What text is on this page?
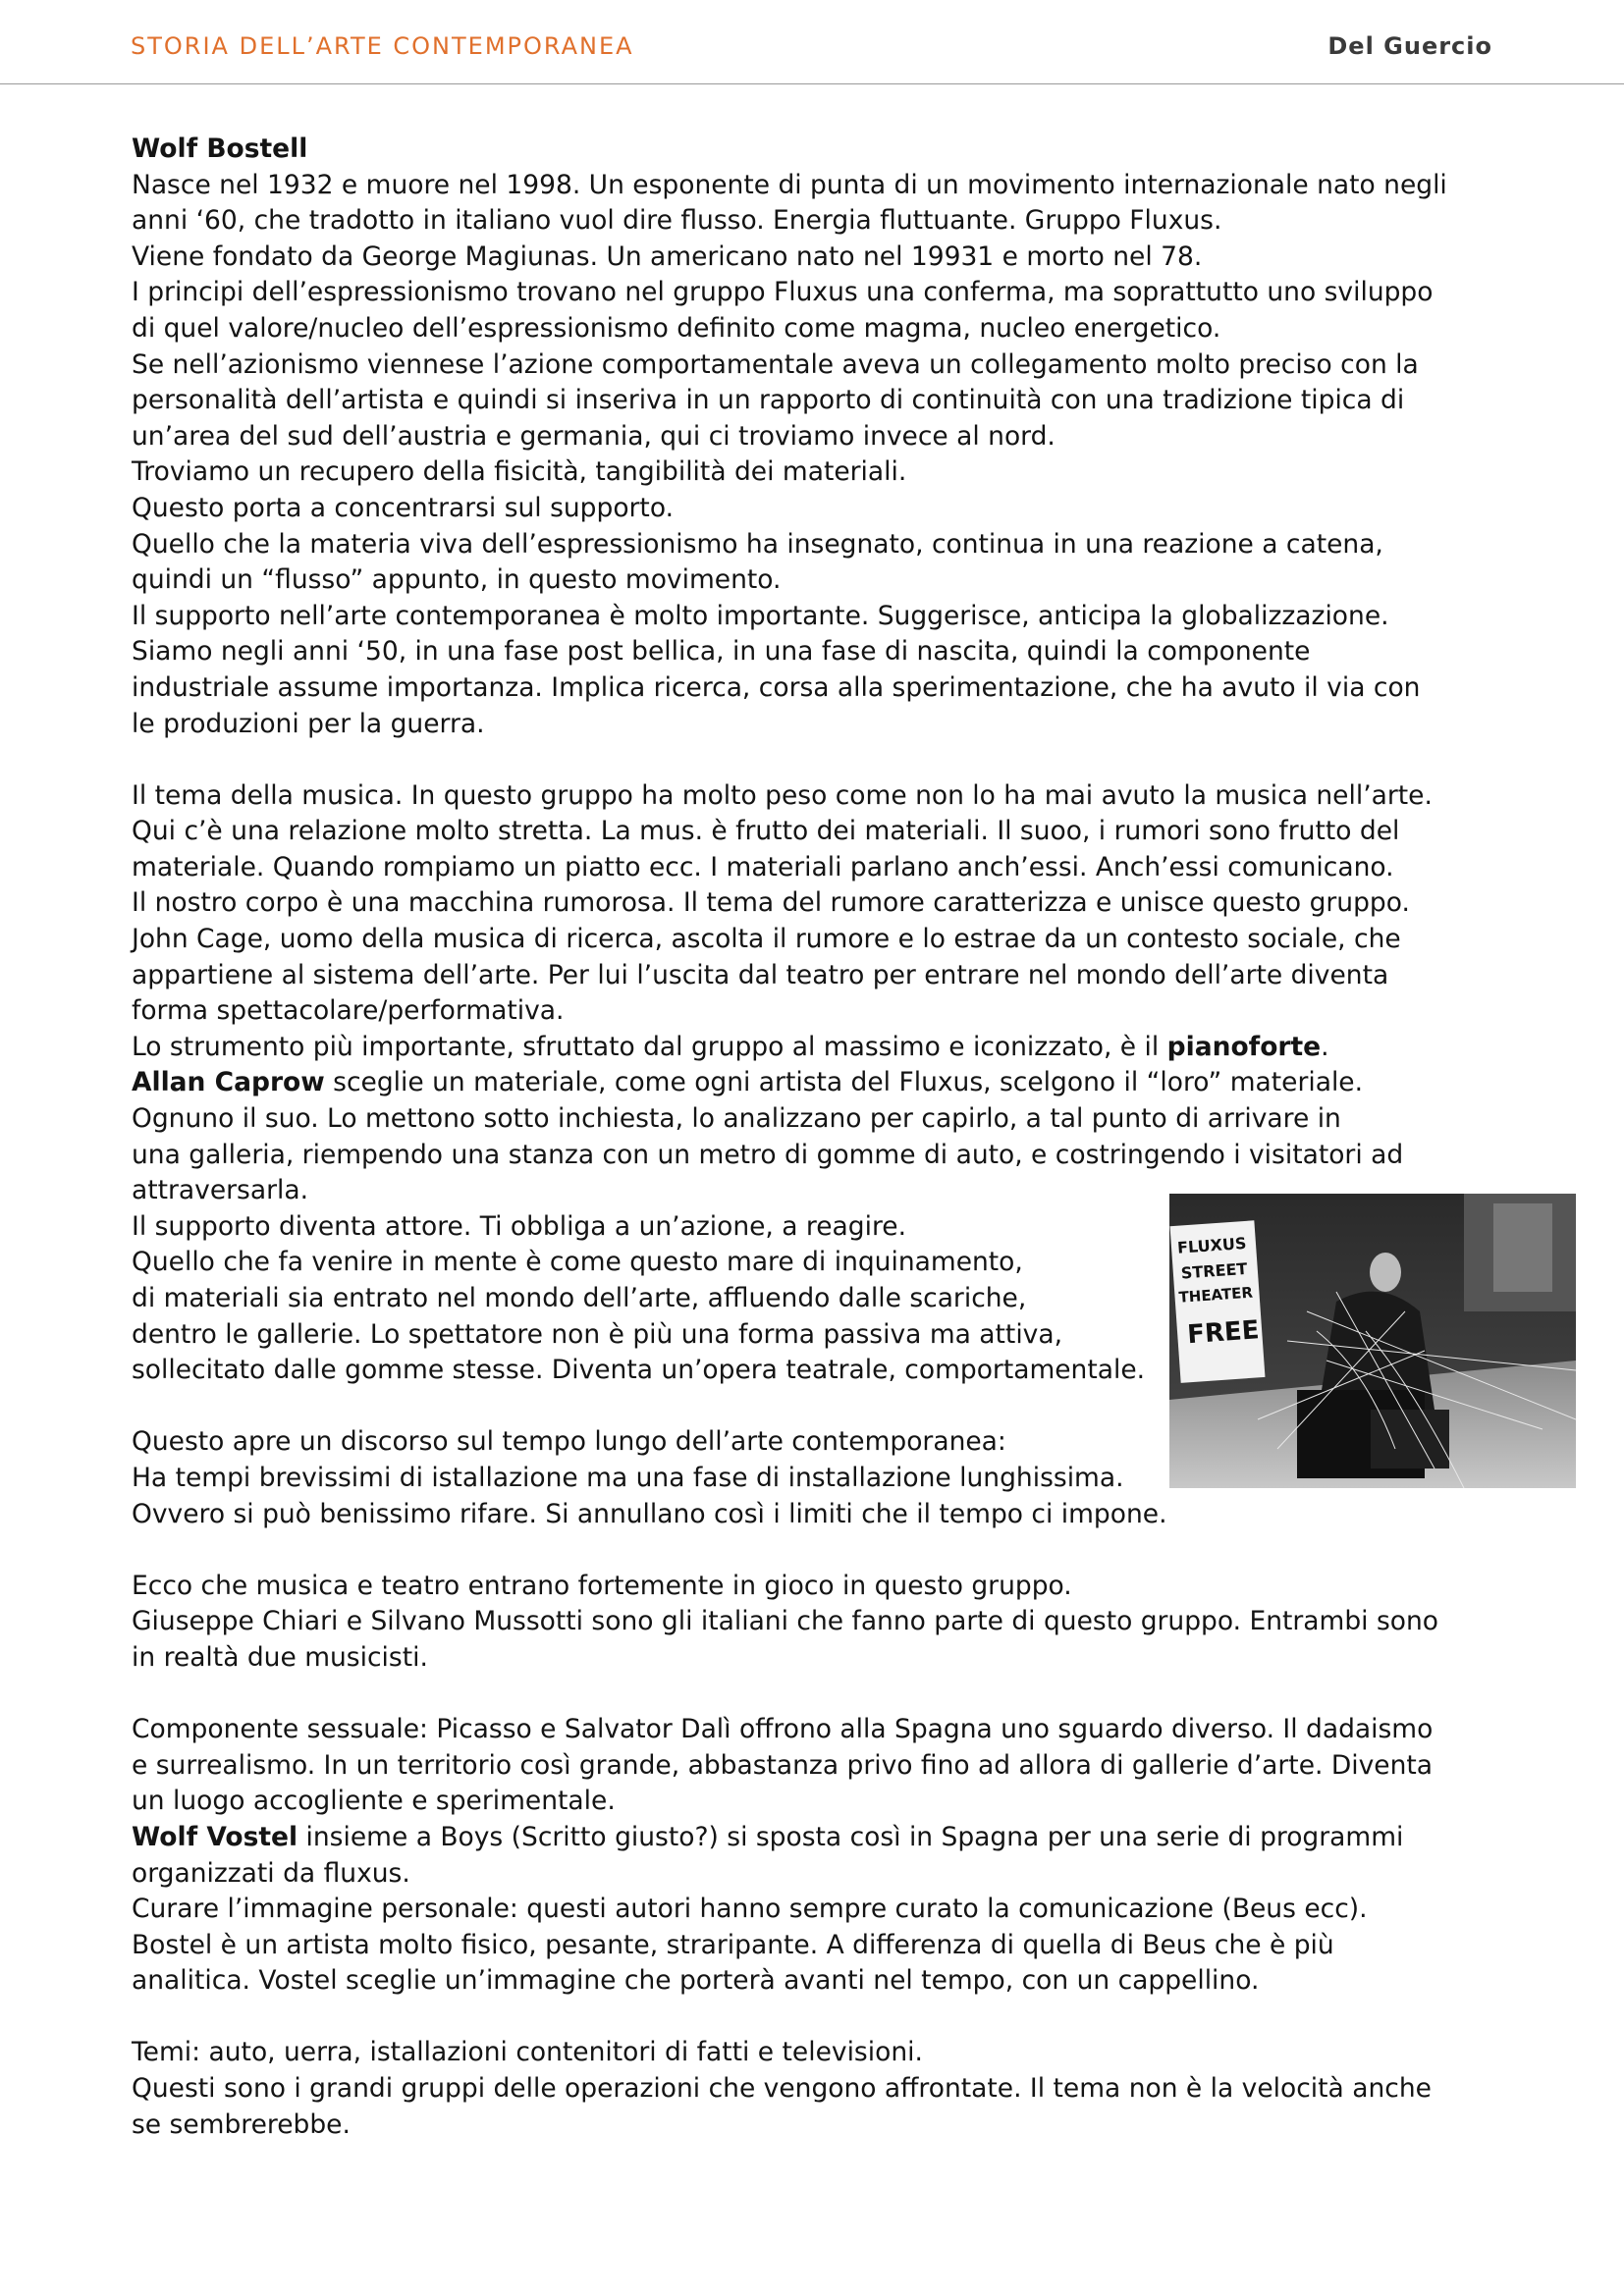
STORIA DELL’ARTE CONTEMPORANEA	Del Guercio

Wolf Bostell

Nasce nel 1932 e muore nel 1998. Un esponente di punta di un movimento internazionale nato negli

anni ‘60, che tradotto in italiano vuol dire flusso. Energia fluttuante. Gruppo Fluxus.

Viene fondato da George Magiunas. Un americano nato nel 19931 e morto nel 78.

I principi dell’espressionismo trovano nel gruppo Fluxus una conferma, ma soprattutto uno sviluppo

di quel valore/nucleo dell’espressionismo definito come magma, nucleo energetico.

Se nell’azionismo viennese l’azione comportamentale aveva un collegamento molto preciso con la

personalità dell’artista e quindi si inseriva in un rapporto di continuità con una tradizione tipica di

un’area del sud dell’austria e germania, qui ci troviamo invece al nord.

Troviamo un recupero della fisicità, tangibilità dei materiali.

Questo porta a concentrarsi sul supporto.

Quello che la materia viva dell’espressionismo ha insegnato, continua in una reazione a catena,

quindi un “flusso” appunto, in questo movimento.

Il supporto nell’arte contemporanea è molto importante. Suggerisce, anticipa la globalizzazione.

Siamo negli anni ‘50, in una fase post bellica, in una fase di nascita, quindi la componente

industriale assume importanza. Implica ricerca, corsa alla sperimentazione, che ha avuto il via con

le produzioni per la guerra.

Il tema della musica. In questo gruppo ha molto peso come non lo ha mai avuto la musica nell’arte.

Qui c’è una relazione molto stretta. La mus. è frutto dei materiali. Il suoo, i rumori sono frutto del

materiale. Quando rompiamo un piatto ecc. I materiali parlano anch’essi. Anch’essi comunicano.

Il nostro corpo è una macchina rumorosa. Il tema del rumore caratterizza e unisce questo gruppo.

John Cage, uomo della musica di ricerca, ascolta il rumore e lo estrae da un contesto sociale, che

appartiene al sistema dell’arte. Per lui l’uscita dal teatro per entrare nel mondo dell’arte diventa

forma spettacolare/performativa.

Lo strumento più importante, sfruttato dal gruppo al massimo e iconizzato, è il pianoforte.

Allan Caprow sceglie un materiale, come ogni artista del Fluxus, scelgono il “loro” materiale.

Ognuno il suo. Lo mettono sotto inchiesta, lo analizzano per capirlo, a tal punto di arrivare in

una galleria, riempendo una stanza con un metro di gomme di auto, e costringendo i visitatori ad

attraversarla.

Il supporto diventa attore. Ti obbliga a un’azione, a reagire.

Quello che fa venire in mente è come questo mare di inquinamento,

di materiali sia entrato nel mondo dell’arte, affluendo dalle scariche,

dentro le gallerie. Lo spettatore non è più una forma passiva ma attiva,

sollecitato dalle gomme stesse. Diventa un’opera teatrale, comportamentale.

Questo apre un discorso sul tempo lungo dell’arte contemporanea:

Ha tempi brevissimi di istallazione ma una fase di installazione lunghissima.

Ovvero si può benissimo rifare. Si annullano così i limiti che il tempo ci impone.

Ecco che musica e teatro entrano fortemente in gioco in questo gruppo.

Giuseppe Chiari e Silvano Mussotti sono gli italiani che fanno parte di questo gruppo. Entrambi sono

in realtà due musicisti.

Componente sessuale: Picasso e Salvator Dalì offrono alla Spagna uno sguardo diverso. Il dadaismo

e surrealismo. In un territorio così grande, abbastanza privo fino ad allora di gallerie d’arte. Diventa

un luogo accogliente e sperimentale.

Wolf Vostel insieme a Boys (Scritto giusto?) si sposta così in Spagna per una serie di programmi

organizzati da fluxus.

Curare l’immagine personale: questi autori hanno sempre curato la comunicazione (Beus ecc).

Bostel è un artista molto fisico, pesante, straripante. A differenza di quella di Beus che è più

analitica. Vostel sceglie un’immagine che porterà avanti nel tempo, con un cappellino.

Temi: auto, uerra, istallazioni contenitori di fatti e televisioni.

Questi sono i grandi gruppi delle operazioni che vengono affrontate. Il tema non è la velocità anche

se sembrerebbe.

FLUXUS
STREET
THEATER
FREE
